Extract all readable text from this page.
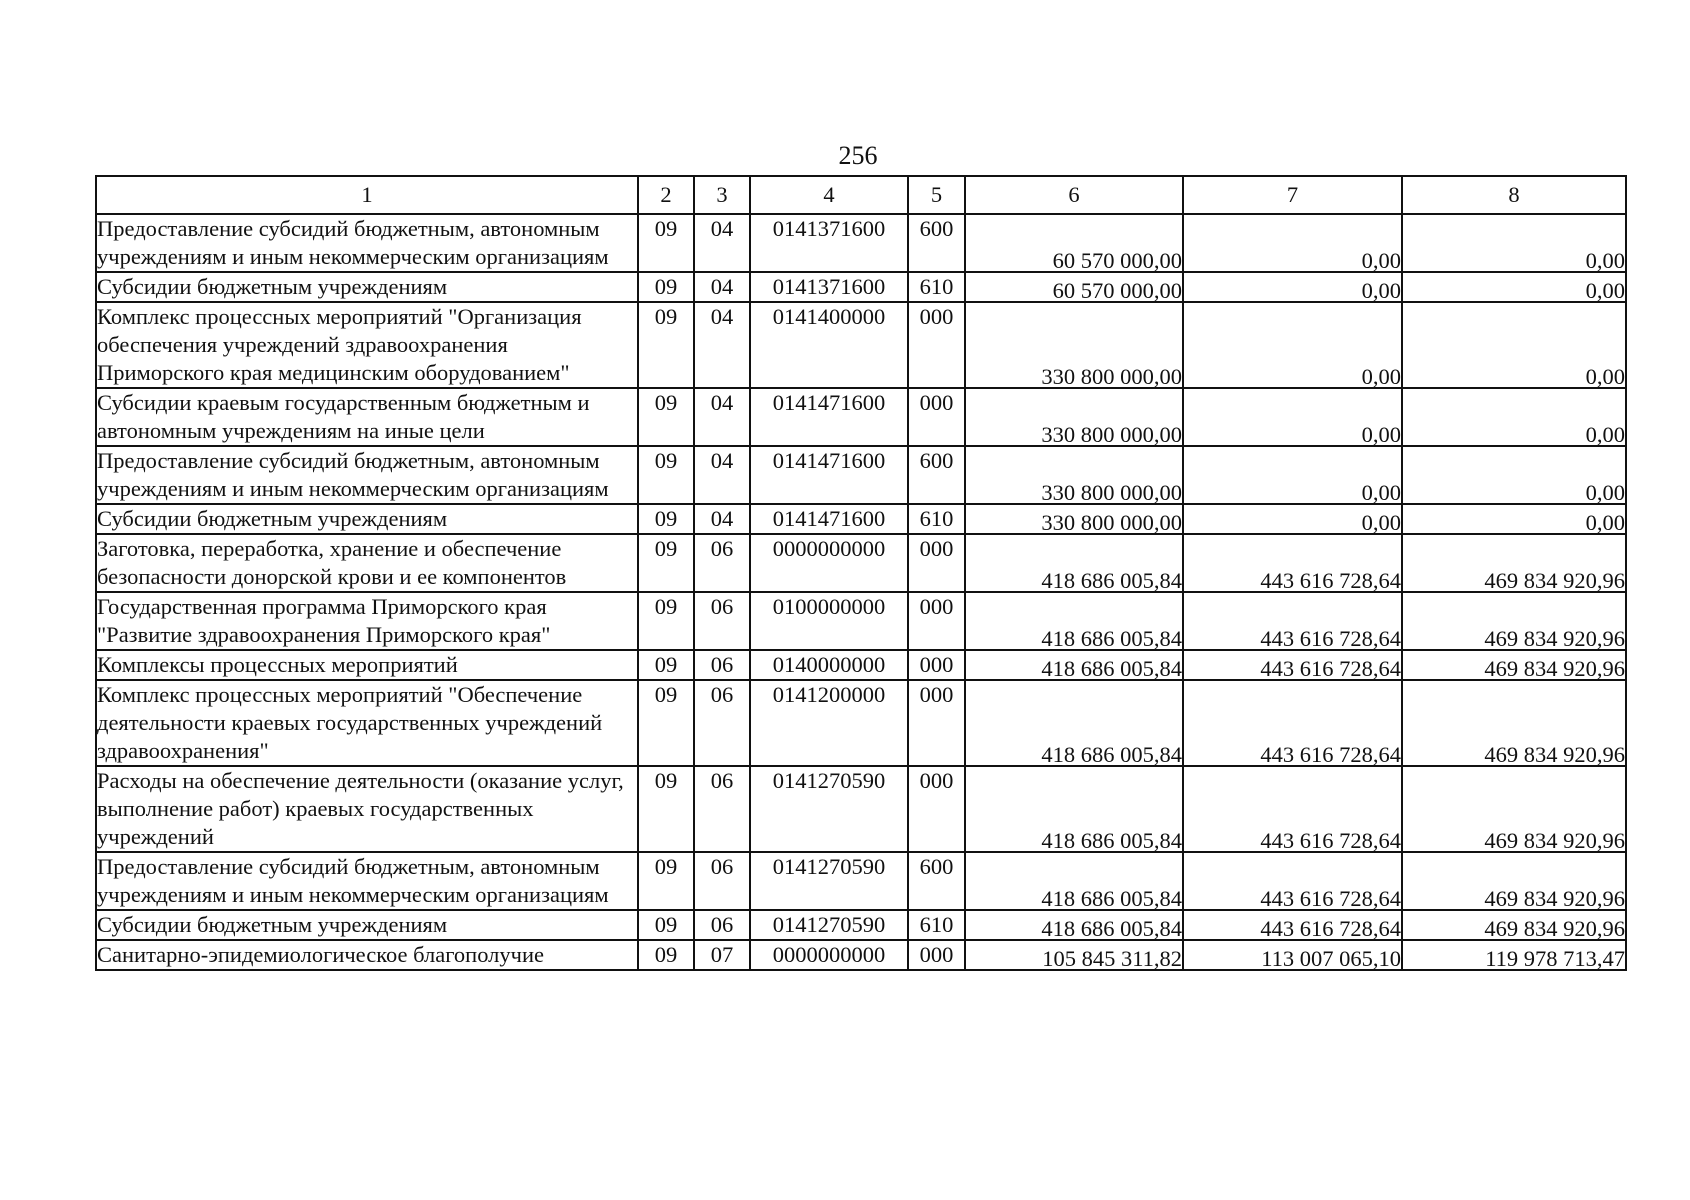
256
1	2	3	4	5	6	7	8
Предоставление субсидий бюджетным, автономным учреждениям и иным некоммерческим организациям	09	04	0141371600	600	60 570 000,00	0,00	0,00
Субсидии бюджетным учреждениям	09	04	0141371600	610	60 570 000,00	0,00	0,00
Комплекс процессных мероприятий "Организация обеспечения учреждений здравоохранения Приморского края медицинским оборудованием"	09	04	0141400000	000	330 800 000,00	0,00	0,00
Субсидии краевым государственным бюджетным и автономным учреждениям на иные цели	09	04	0141471600	000	330 800 000,00	0,00	0,00
Предоставление субсидий бюджетным, автономным учреждениям и иным некоммерческим организациям	09	04	0141471600	600	330 800 000,00	0,00	0,00
Субсидии бюджетным учреждениям	09	04	0141471600	610	330 800 000,00	0,00	0,00
Заготовка, переработка, хранение и обеспечение безопасности донорской крови и ее компонентов	09	06	0000000000	000	418 686 005,84	443 616 728,64	469 834 920,96
Государственная программа Приморского края "Развитие здравоохранения Приморского края"	09	06	0100000000	000	418 686 005,84	443 616 728,64	469 834 920,96
Комплексы процессных мероприятий	09	06	0140000000	000	418 686 005,84	443 616 728,64	469 834 920,96
Комплекс процессных мероприятий "Обеспечение деятельности краевых государственных учреждений здравоохранения"	09	06	0141200000	000	418 686 005,84	443 616 728,64	469 834 920,96
Расходы на обеспечение деятельности (оказание услуг, выполнение работ) краевых государственных учреждений	09	06	0141270590	000	418 686 005,84	443 616 728,64	469 834 920,96
Предоставление субсидий бюджетным, автономным учреждениям и иным некоммерческим организациям	09	06	0141270590	600	418 686 005,84	443 616 728,64	469 834 920,96
Субсидии бюджетным учреждениям	09	06	0141270590	610	418 686 005,84	443 616 728,64	469 834 920,96
Санитарно-эпидемиологическое благополучие	09	07	0000000000	000	105 845 311,82	113 007 065,10	119 978 713,47
